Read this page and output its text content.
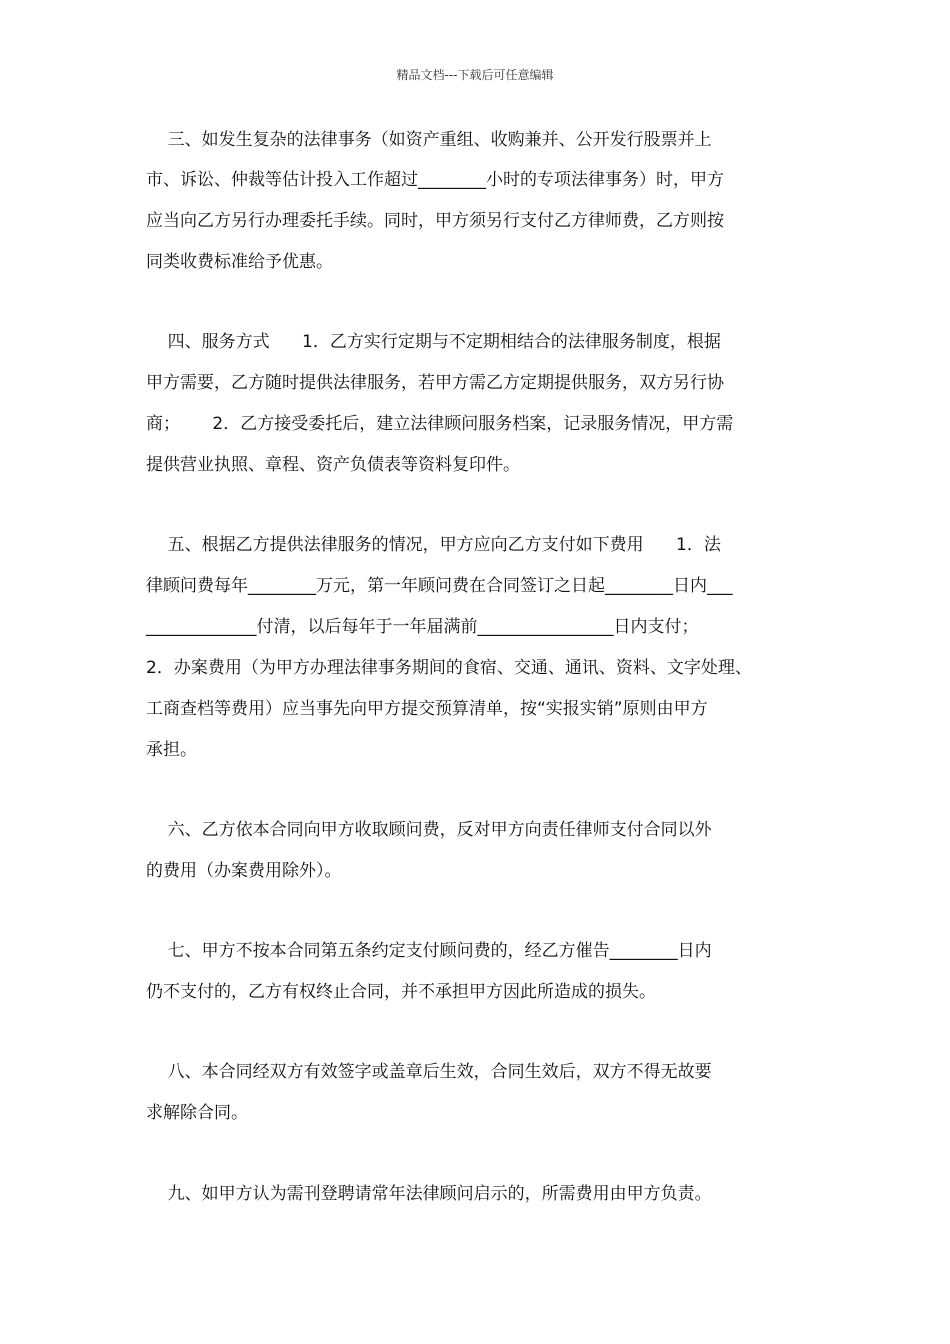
精品文档---下载后可任意编辑
三、如发生复杂的法律事务（如资产重组、收购兼并、公开发行股票并上
市、诉讼、仲裁等估计投入工作超过________小时的专项法律事务）时，甲方
应当向乙方另行办理委托手续。同时，甲方须另行支付乙方律师费，乙方则按
同类收费标准给予优惠。
四、服务方式      1．乙方实行定期与不定期相结合的法律服务制度，根据
甲方需要，乙方随时提供法律服务，若甲方需乙方定期提供服务，双方另行协
商；      2．乙方接受委托后，建立法律顾问服务档案，记录服务情况，甲方需
提供营业执照、章程、资产负债表等资料复印件。
五、根据乙方提供法律服务的情况，甲方应向乙方支付如下费用      1．法
律顾问费每年________万元，第一年顾问费在合同签订之日起________日内___
_____________付清，以后每年于一年届满前________________日内支付；
2．办案费用（为甲方办理法律事务期间的食宿、交通、通讯、资料、文字处理、
工商查档等费用）应当事先向甲方提交预算清单，按“实报实销”原则由甲方
承担。
六、乙方依本合同向甲方收取顾问费，反对甲方向责任律师支付合同以外
的费用（办案费用除外）。
七、甲方不按本合同第五条约定支付顾问费的，经乙方催告________日内
仍不支付的，乙方有权终止合同，并不承担甲方因此所造成的损失。
八、本合同经双方有效签字或盖章后生效，合同生效后，双方不得无故要
求解除合同。
九、如甲方认为需刊登聘请常年法律顾问启示的，所需费用由甲方负责。
